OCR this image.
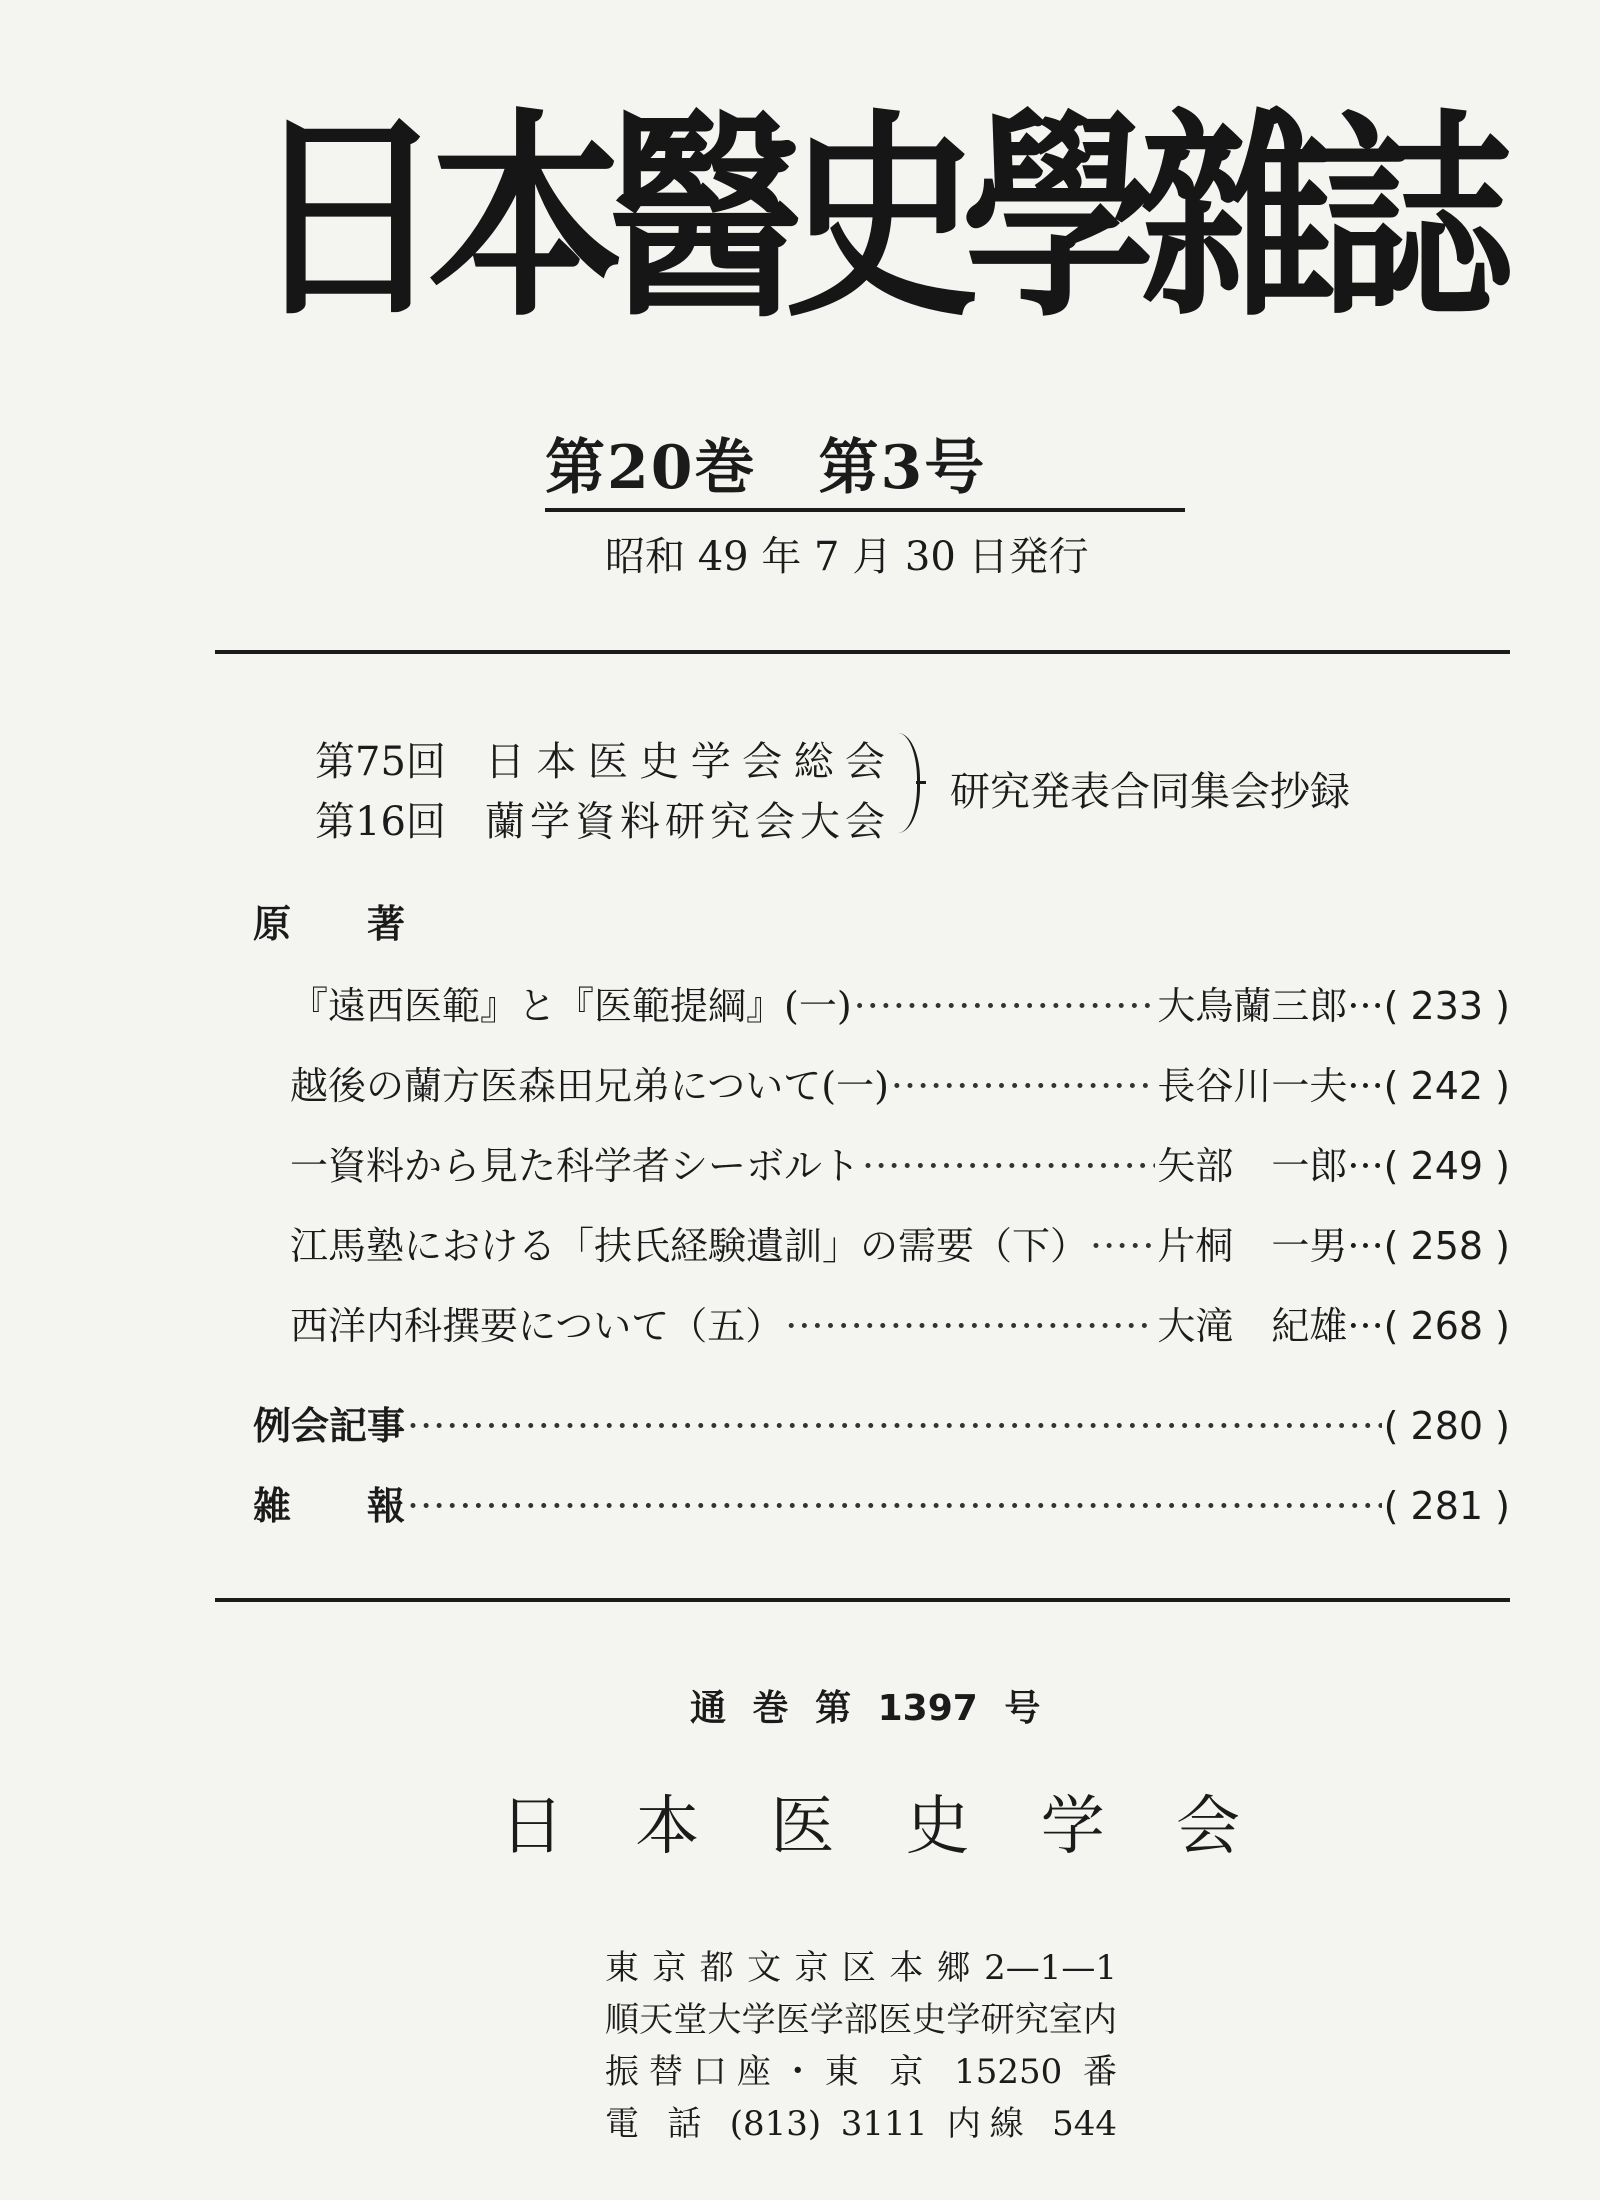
日本醫史學雜誌
第20巻　第3号
昭和 49 年 7 月 30 日発行
第75回 日本医史学会総会
第16回 蘭学資料研究会大会
研究発表合同集会抄録
原著
『遠西医範』と『医範提綱』(一) ·····	大鳥蘭三郎 ··· ( 233 )
越後の蘭方医森田兄弟について(一) ·····	長谷川一夫 ··· ( 242 )
一資料から見た科学者シーボルト ·····	矢部　一郎 ··· ( 249 )
江馬塾における「扶氏経験遺訓」の需要（下） ····· 片桐　一男 ··· ( 258 )
西洋内科撰要について（五） ·····	大滝　紀雄 ··· ( 268 )
例会記事 ·····	( 280 )
雑報 ·····	( 281 )
通 巻 第 1397 号
日本医史学会
東京都文京区本郷2—1—1
順天堂大学医学部医史学研究室内
振替口座・東 京 15250 番
電 話 (813) 3111 内線 544
